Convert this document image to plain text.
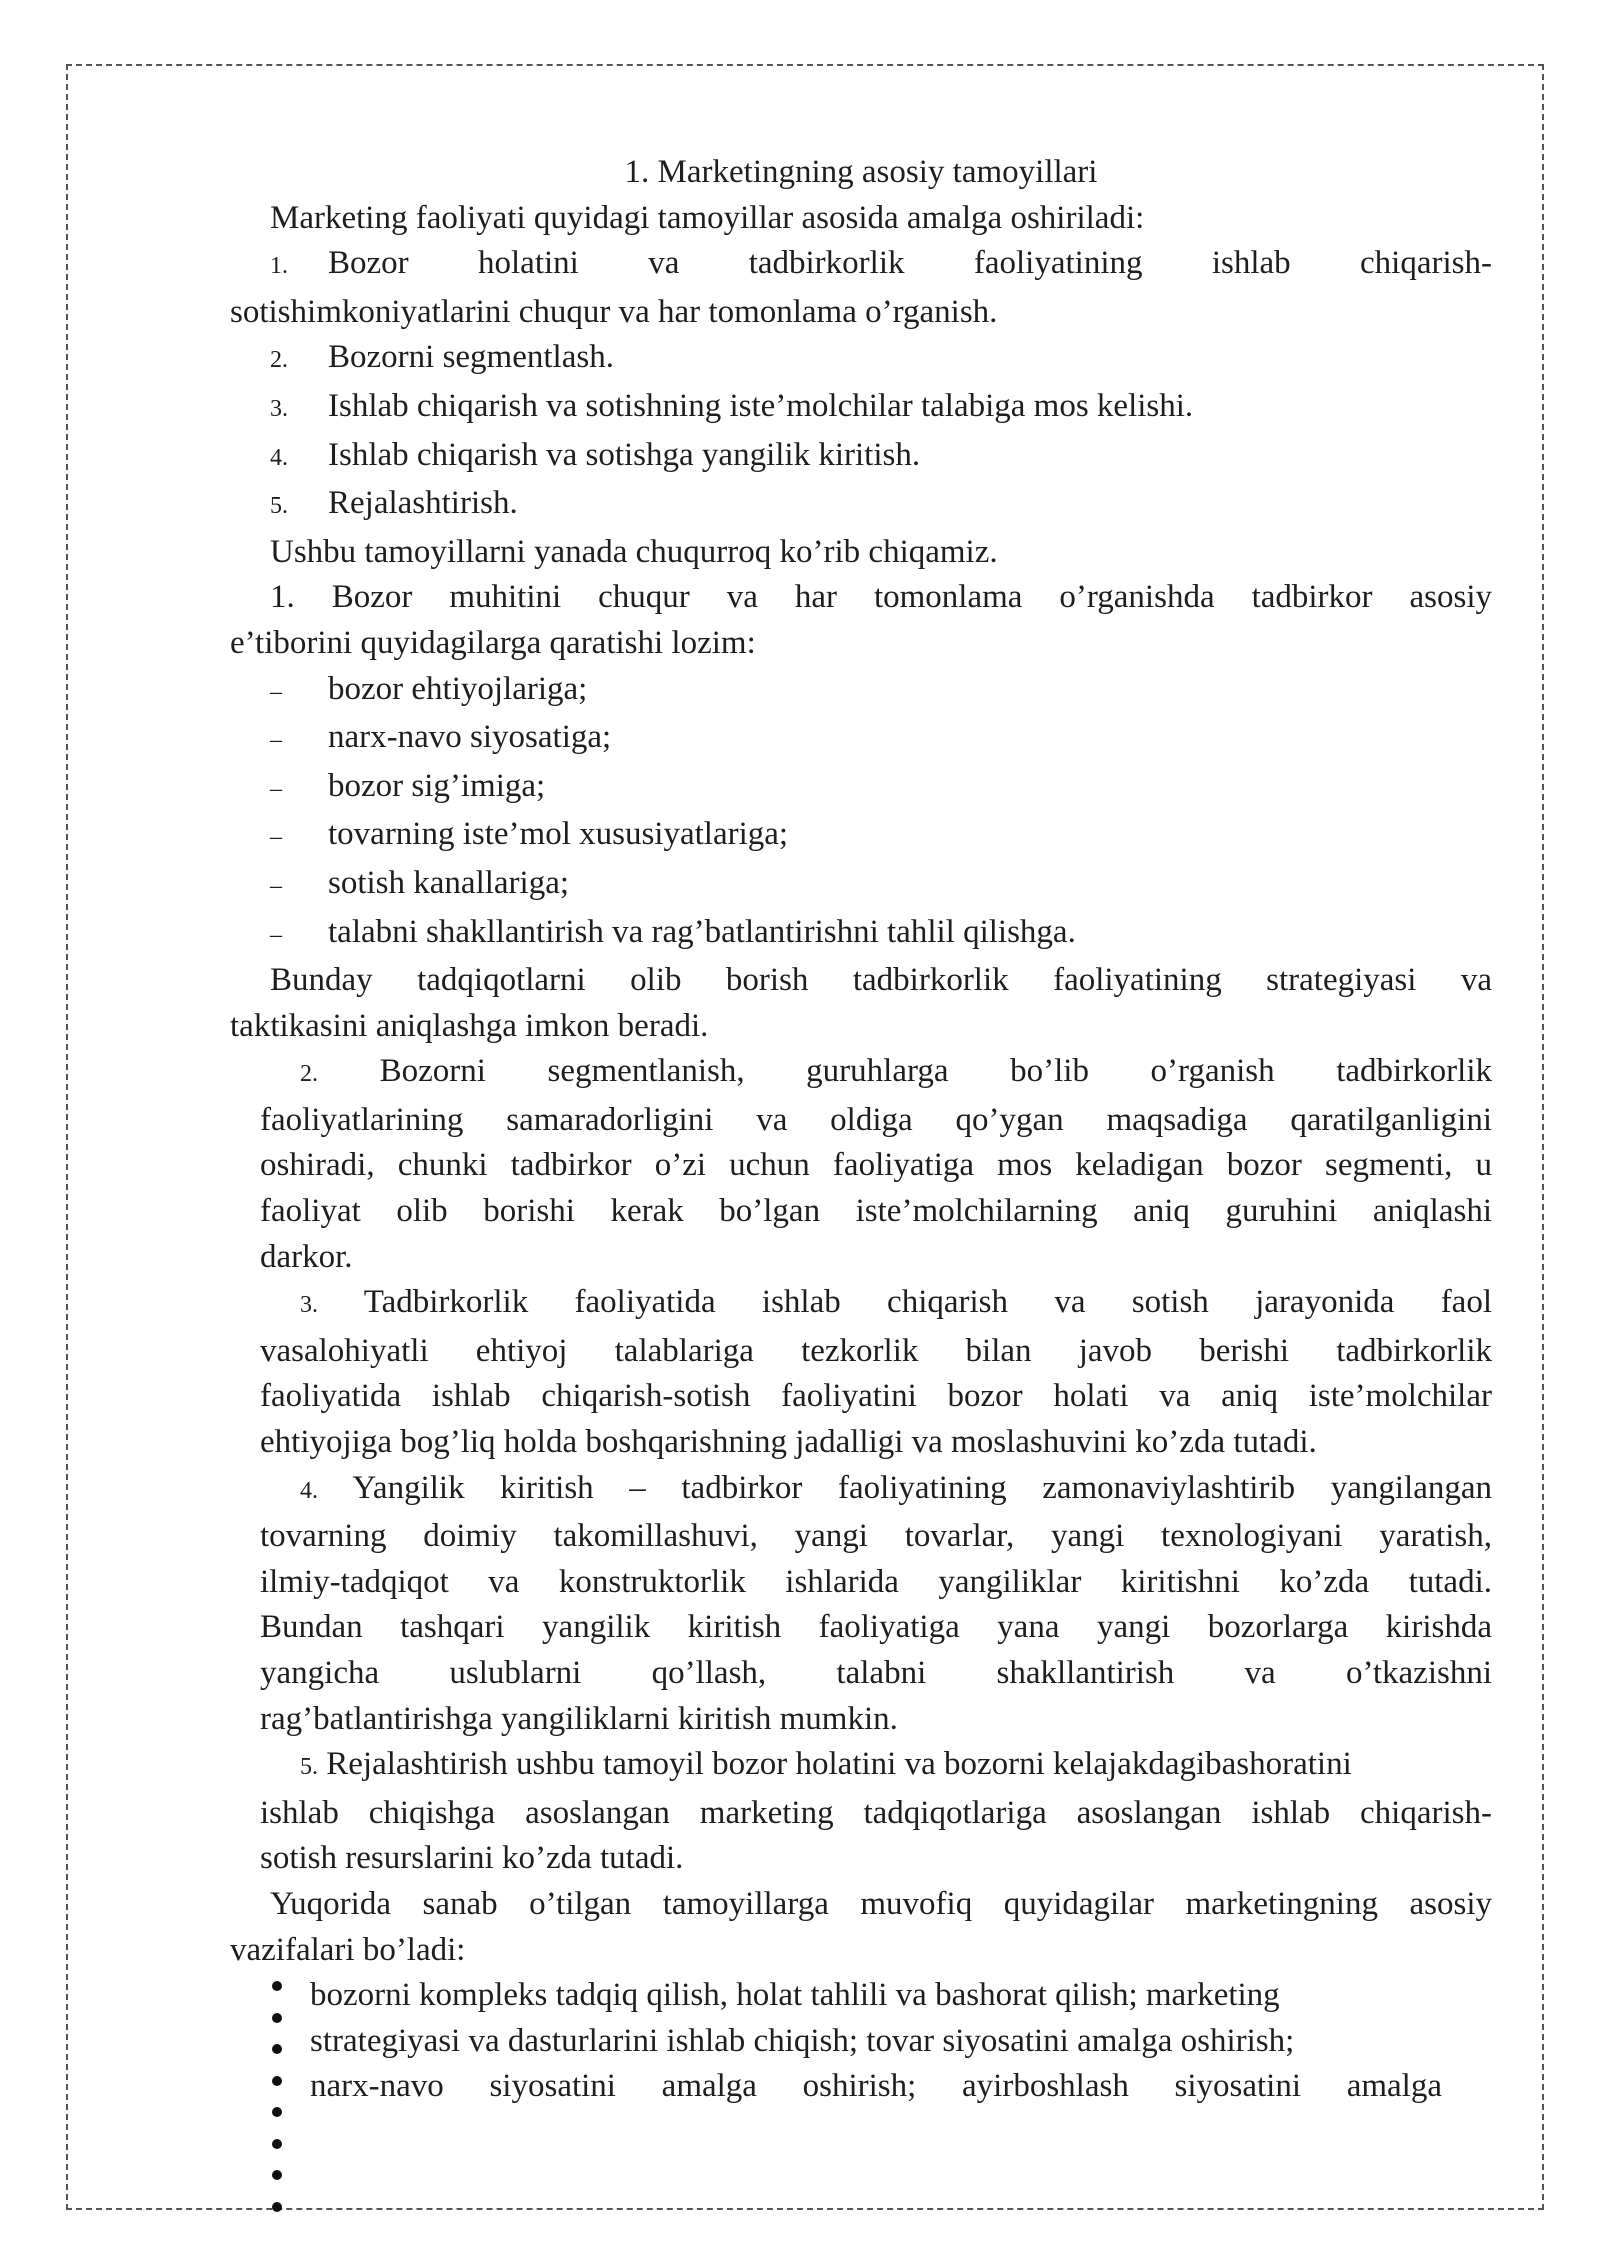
1. Marketingning asosiy tamoyillari
Marketing faoliyati quyidagi tamoyillar asosida amalga oshiriladi:
1. Bozor holatini va tadbirkorlik faoliyatining ishlab chiqarish-
sotishimkoniyatlarini chuqur va har tomonlama o’rganish.
2. Bozorni segmentlash.
3. Ishlab chiqarish va sotishning iste’molchilar talabiga mos kelishi.
4. Ishlab chiqarish va sotishga yangilik kiritish.
5. Rejalashtirish.
Ushbu tamoyillarni yanada chuqurroq ko’rib chiqamiz.
1. Bozor muhitini chuqur va har tomonlama o’rganishda tadbirkor asosiy
e’tiborini quyidagilarga qaratishi lozim:
– bozor ehtiyojlariga;
– narx-navo siyosatiga;
– bozor sig’imiga;
– tovarning iste’mol xususiyatlariga;
– sotish kanallariga;
– talabni shakllantirish va rag’batlantirishni tahlil qilishga.
Bunday tadqiqotlarni olib borish tadbirkorlik faoliyatining strategiyasi va
taktikasini aniqlashga imkon beradi.
2. Bozorni segmentlanish, guruhlarga bo’lib o’rganish tadbirkorlik
faoliyatlarining samaradorligini va oldiga qo’ygan maqsadiga qaratilganligini
oshiradi, chunki tadbirkor o’zi uchun faoliyatiga mos keladigan bozor segmenti, u
faoliyat olib borishi kerak bo’lgan iste’molchilarning aniq guruhini aniqlashi
darkor.
3. Tadbirkorlik faoliyatida ishlab chiqarish va sotish jarayonida faol
vasalohiyatli ehtiyoj talablariga tezkorlik bilan javob berishi tadbirkorlik
faoliyatida ishlab chiqarish-sotish faoliyatini bozor holati va aniq iste’molchilar
ehtiyojiga bog’liq holda boshqarishning jadalligi va moslashuvini ko’zda tutadi.
4. Yangilik kiritish – tadbirkor faoliyatining zamonaviylashtirib yangilangan
tovarning doimiy takomillashuvi, yangi tovarlar, yangi texnologiyani yaratish,
ilmiy-tadqiqot va konstruktorlik ishlarida yangiliklar kiritishni ko’zda tutadi.
Bundan tashqari yangilik kiritish faoliyatiga yana yangi bozorlarga kirishda
yangicha uslublarni qo’llash, talabni shakllantirish va o’tkazishni
rag’batlantirishga yangiliklarni kiritish mumkin.
5. Rejalashtirish ushbu tamoyil bozor holatini va bozorni kelajakdagibashoratini
ishlab chiqishga asoslangan marketing tadqiqotlariga asoslangan ishlab chiqarish-
sotish resurslarini ko’zda tutadi.
Yuqorida sanab o’tilgan tamoyillarga muvofiq quyidagilar marketingning asosiy
vazifalari bo’ladi:
bozorni kompleks tadqiq qilish, holat tahlili va bashorat qilish; marketing
strategiyasi va dasturlarini ishlab chiqish; tovar siyosatini amalga oshirish;
narx-navo siyosatini amalga oshirish; ayirboshlash siyosatini amalga
